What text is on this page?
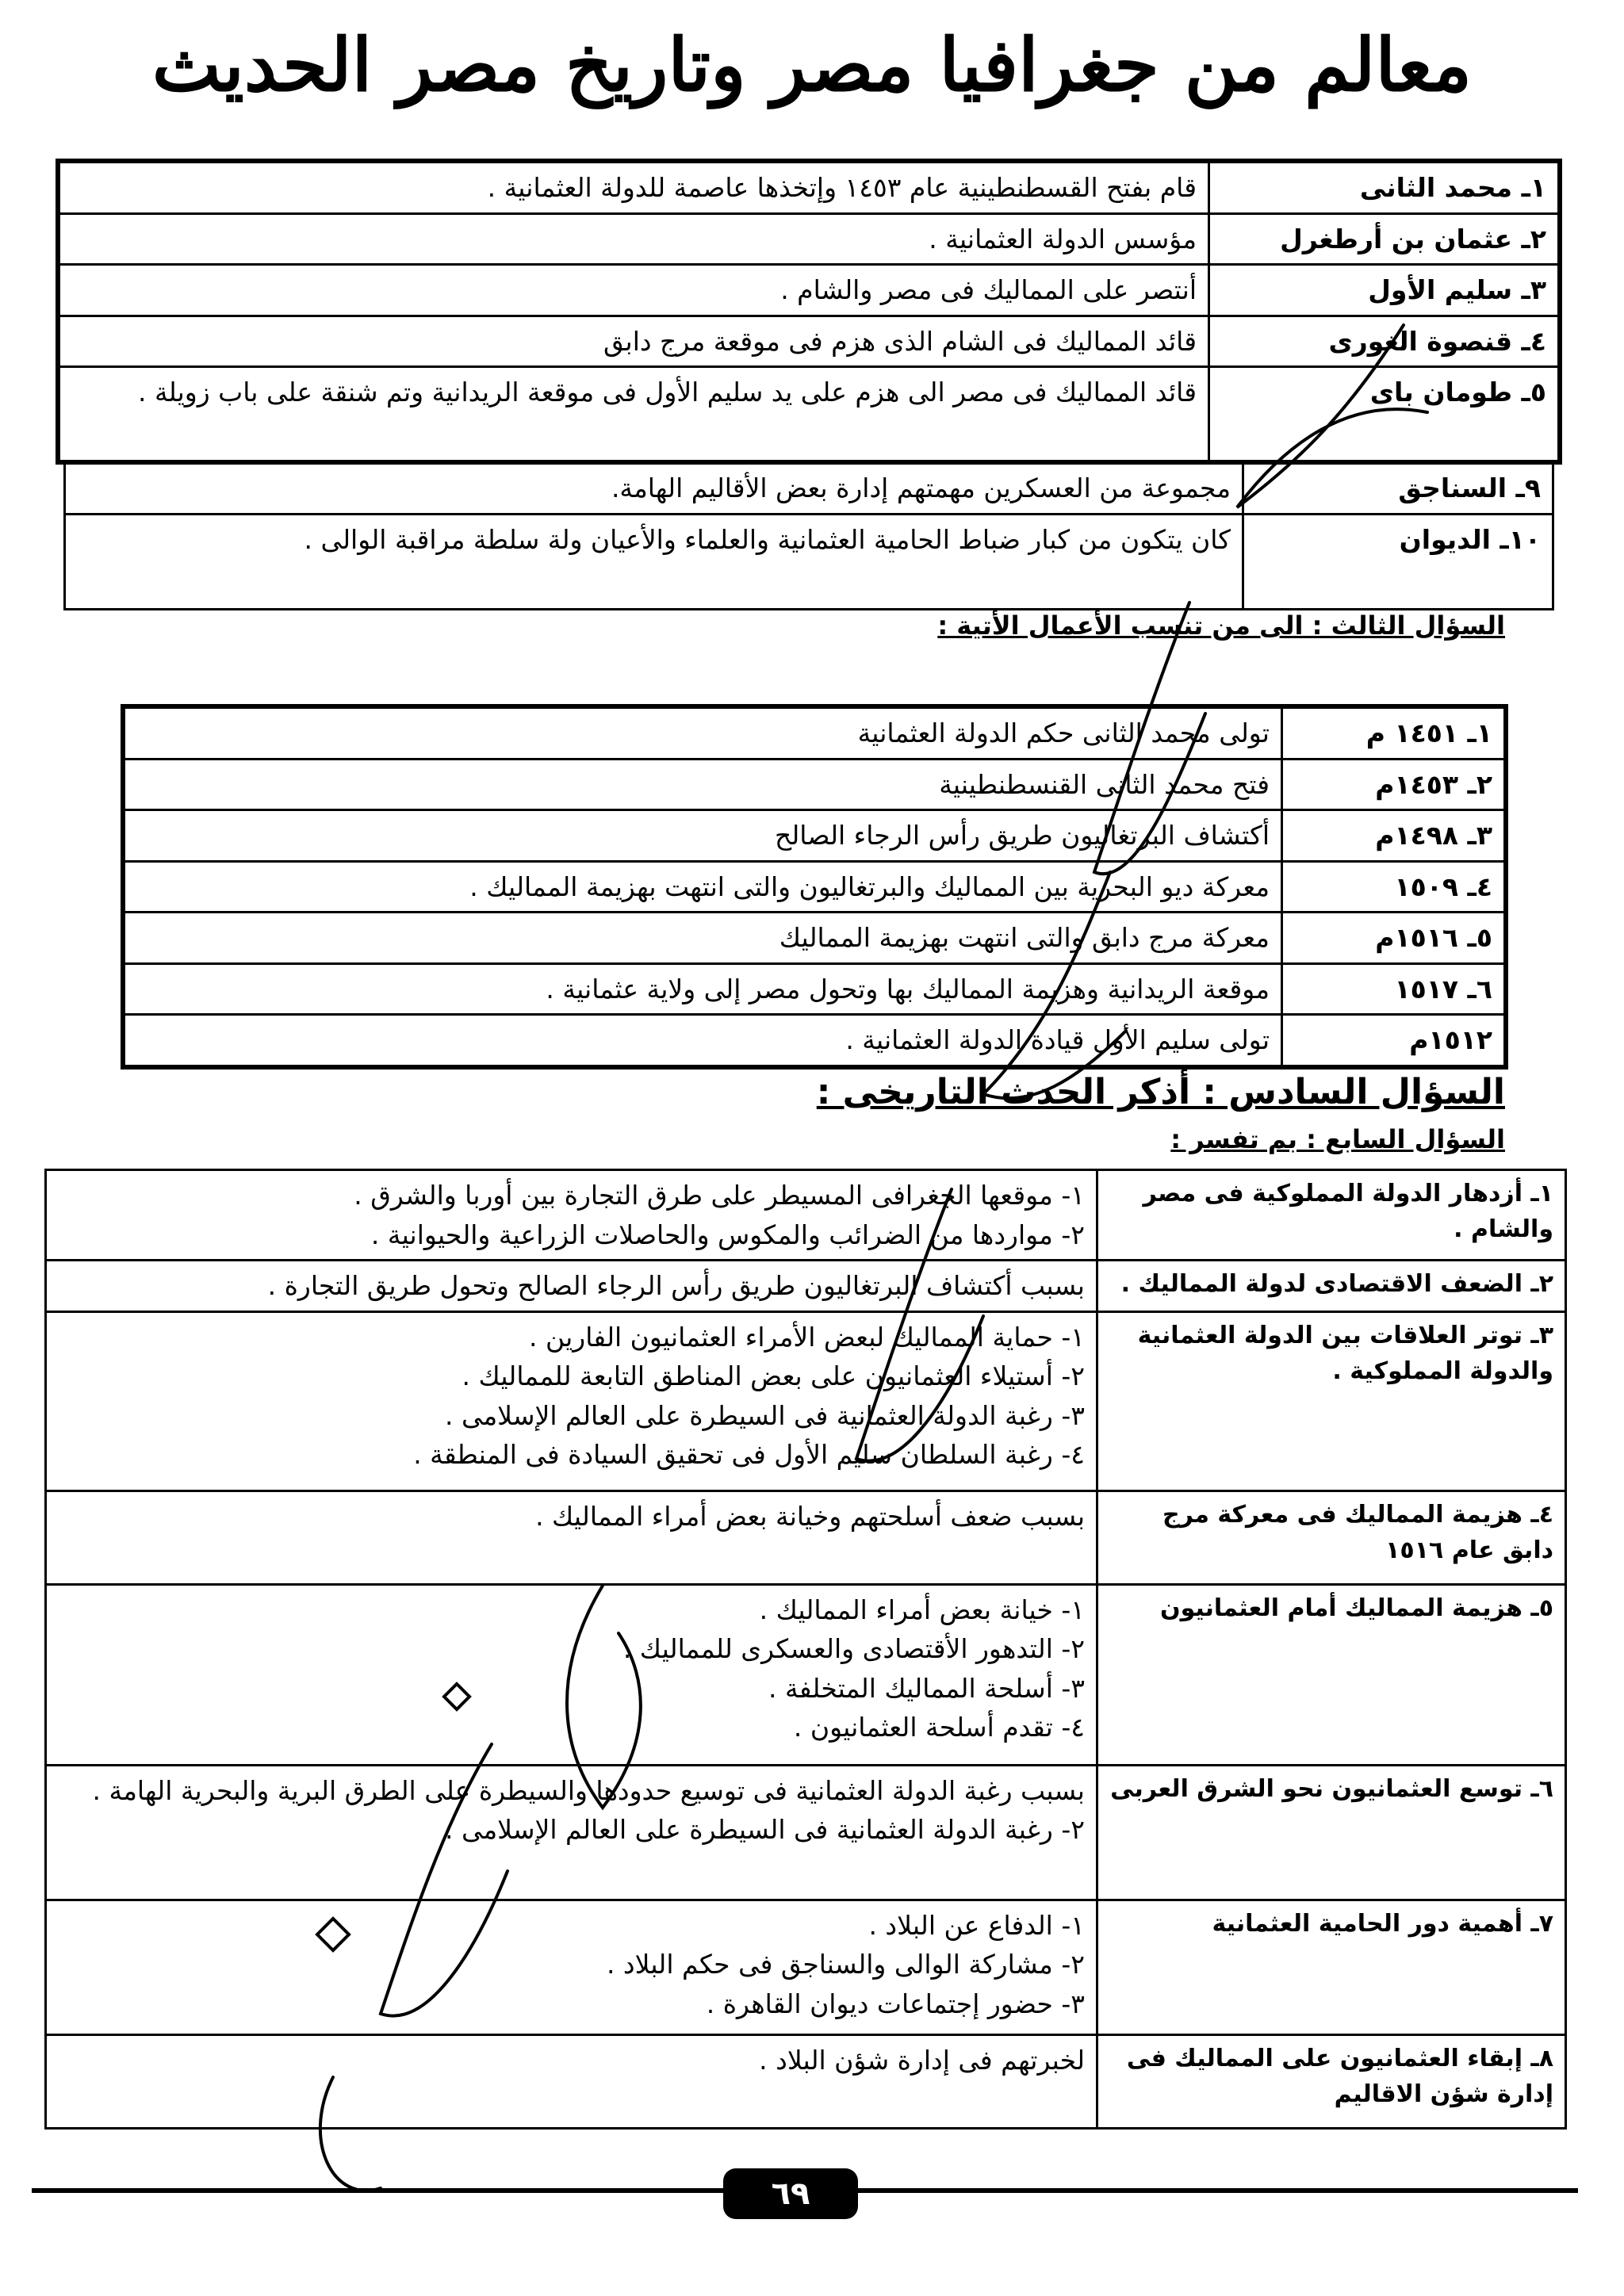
معالم من جغرافيا مصر وتاريخ مصر الحديث
١ـ محمد الثانى	قام بفتح القسطنطينية عام ١٤٥٣ وإتخذها عاصمة للدولة العثمانية .
٢ـ عثمان بن أرطغرل	مؤسس الدولة العثمانية .
٣ـ سليم الأول	أنتصر على المماليك فى مصر والشام .
٤ـ قنصوة الغورى	قائد المماليك فى الشام الذى هزم فى موقعة مرج دابق
٥ـ طومان باى	قائد المماليك فى مصر الى هزم على يد سليم الأول فى موقعة الريدانية وتم شنقة على باب زويلة .
٩ـ السناجق	مجموعة من العسكرين مهمتهم إدارة بعض الأقاليم الهامة.
١٠ـ الديوان	كان يتكون من كبار ضباط الحامية العثمانية والعلماء والأعيان ولة سلطة مراقبة الوالى .
السؤال الثالث : الى من تنسب الأعمال الأتية :
١ـ ١٤٥١ م	تولى محمد الثانى حكم الدولة العثمانية
٢ـ ١٤٥٣م	فتح محمد الثانى القنسطنطينية
٣ـ ١٤٩٨م	أكتشاف البرتغاليون طريق رأس الرجاء الصالح
٤ـ ١٥٠٩	معركة ديو البحرية بين المماليك والبرتغاليون والتى انتهت بهزيمة المماليك .
٥ـ ١٥١٦م	معركة مرج دابق والتى انتهت بهزيمة المماليك
٦ـ ١٥١٧	موقعة الريدانية وهزيمة المماليك بها وتحول مصر إلى ولاية عثمانية .
١٥١٢م	تولى سليم الأول قيادة الدولة العثمانية .
السؤال السادس : أذكر الحدث التاريخى :
السؤال السابع : بم تفسر :
١ـ أزدهار الدولة المملوكية فى مصر والشام .	١- موقعها الجغرافى المسيطر على طرق التجارة بين أوربا والشرق .
٢- مواردها من الضرائب والمكوس والحاصلات الزراعية والحيوانية .

٢ـ الضعف الاقتصادى لدولة المماليك .	بسبب أكتشاف البرتغاليون طريق رأس الرجاء الصالح وتحول طريق التجارة .

٣ـ توتر العلاقات بين الدولة العثمانية والدولة المملوكية .	١- حماية المماليك لبعض الأمراء العثمانيون الفارين .
٢- أستيلاء العثمانيون على بعض المناطق التابعة للمماليك .
٣- رغبة الدولة العثمانية فى السيطرة على العالم الإسلامى .
٤- رغبة السلطان سليم الأول فى تحقيق السيادة فى المنطقة .

٤ـ هزيمة المماليك فى معركة مرج دابق عام ١٥١٦	بسبب ضعف أسلحتهم وخيانة بعض أمراء المماليك .

٥ـ هزيمة المماليك أمام العثمانيون	١- خيانة بعض أمراء المماليك .
٢- التدهور الأقتصادى والعسكرى للمماليك .
٣- أسلحة المماليك المتخلفة .
٤- تقدم أسلحة العثمانيون .

٦ـ توسع العثمانيون نحو الشرق العربى	بسبب رغبة الدولة العثمانية فى توسيع حدودها والسيطرة على الطرق البرية والبحرية الهامة .
٢- رغبة الدولة العثمانية فى السيطرة على العالم الإسلامى .

٧ـ أهمية دور الحامية العثمانية	١- الدفاع عن البلاد .
٢- مشاركة الوالى والسناجق فى حكم البلاد .
٣- حضور إجتماعات ديوان القاهرة .

٨ـ إبقاء العثمانيون على المماليك فى إدارة شؤن الاقاليم	لخبرتهم فى إدارة شؤن البلاد .
٦٩
